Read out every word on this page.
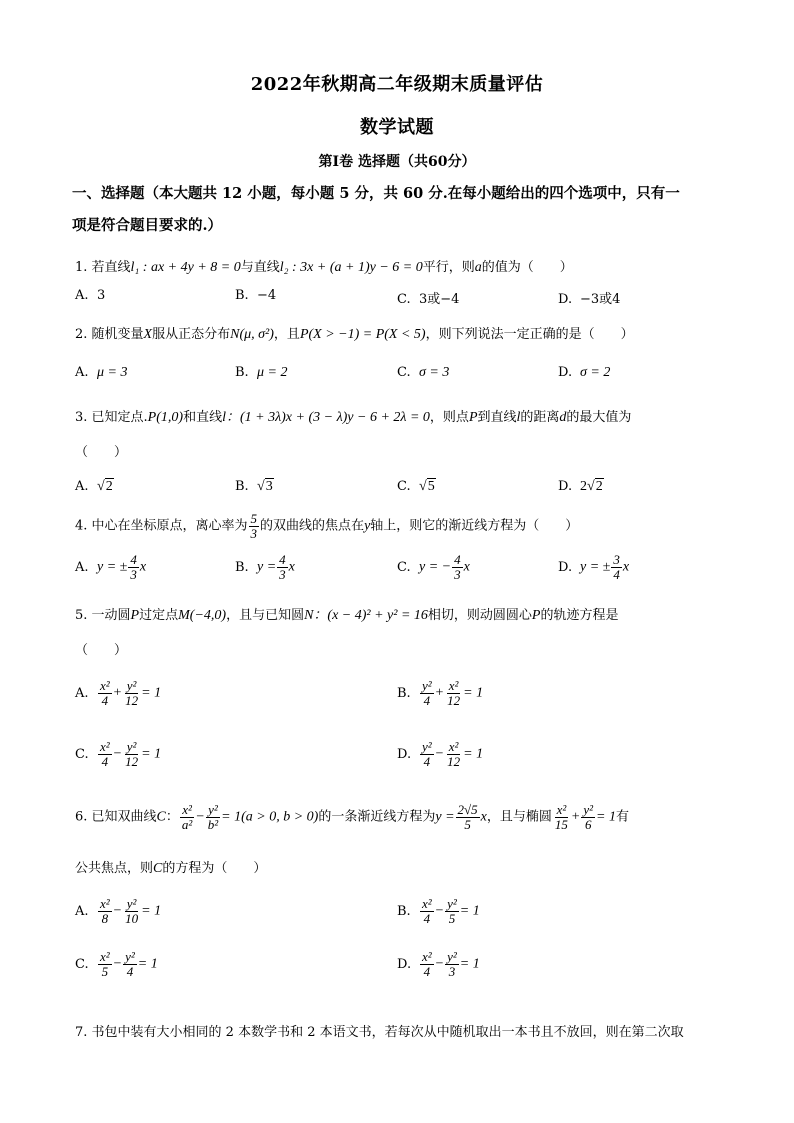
2022年秋期高二年级期末质量评估
数学试题
第Ⅰ卷 选择题（共60分）
一、选择题（本大题共 12 小题，每小题 5 分，共 60 分.在每小题给出的四个选项中，只有一
项是符合题目要求的.）
1. 若直线l₁ : ax + 4y + 8 = 0与直线l₂ : 3x + (a + 1)y − 6 = 0平行，则a的值为（　　）
A. 3	B. −4	C. 3或−4	D. −3或4
2. 随机变量X服从正态分布N(μ, σ²)，且P(X > −1) = P(X < 5)，则下列说法一定正确的是（　　）
A. μ = 3	B. μ = 2	C. σ = 3	D. σ = 2
3. 已知定点.P(1,0)和直线l：(1 + 3λ)x + (3 − λ)y − 6 + 2λ = 0，则点P到直线l的距离d的最大值为
（　　）
A. √2	B. √3	C. √5	D. 2√2
4. 中心在坐标原点，离心率为 $\frac{5}{3}$ 的双曲线的焦点在y轴上，则它的渐近线方程为（　　）
A. y = ± $\frac{4}{3}$ x	B. $y = \frac{4}{3}$ x	C. y = − $\frac{4}{3}$ x	D. y = ± $\frac{3}{4}$ x
5. 一动圆P过定点M(−4,0)，且与已知圆N：(x − 4)² + y² = 16相切，则动圆圆心P的轨迹方程是
（　　）
A. $\frac{\text{x²}}{4} + \frac{\text{y²}}{12} = 1$	B. $\frac{\text{y²}}{4} + \frac{\text{x²}}{12} = 1$
C. $\frac{\text{x²}}{4} - \frac{\text{y²}}{12} = 1$	D. $\frac{\text{y²}}{4} - \frac{\text{x²}}{12} = 1$
6. 已知双曲线C： $\frac{\text{x²}}{\text{a²}} - \frac{\text{y²}}{\text{b²}} = 1(a > 0$, b > 0)的一条渐近线方程为$y = \frac{2√5}{5}$ x，且与椭圆 $\frac{\text{x²}}{15} + \frac{\text{y²}}{6} = 1$有
公共焦点，则C的方程为（　　）
A. $\frac{\text{x²}}{8} - \frac{\text{y²}}{10} = 1$	B. $\frac{\text{x²}}{4} - \frac{\text{y²}}{5} = 1$
C. $\frac{\text{x²}}{5} - \frac{\text{y²}}{4} = 1$	D. $\frac{\text{x²}}{4} - \frac{\text{y²}}{3} = 1$
7. 书包中装有大小相同的 2 本数学书和 2 本语文书，若每次从中随机取出一本书且不放回，则在第二次取
